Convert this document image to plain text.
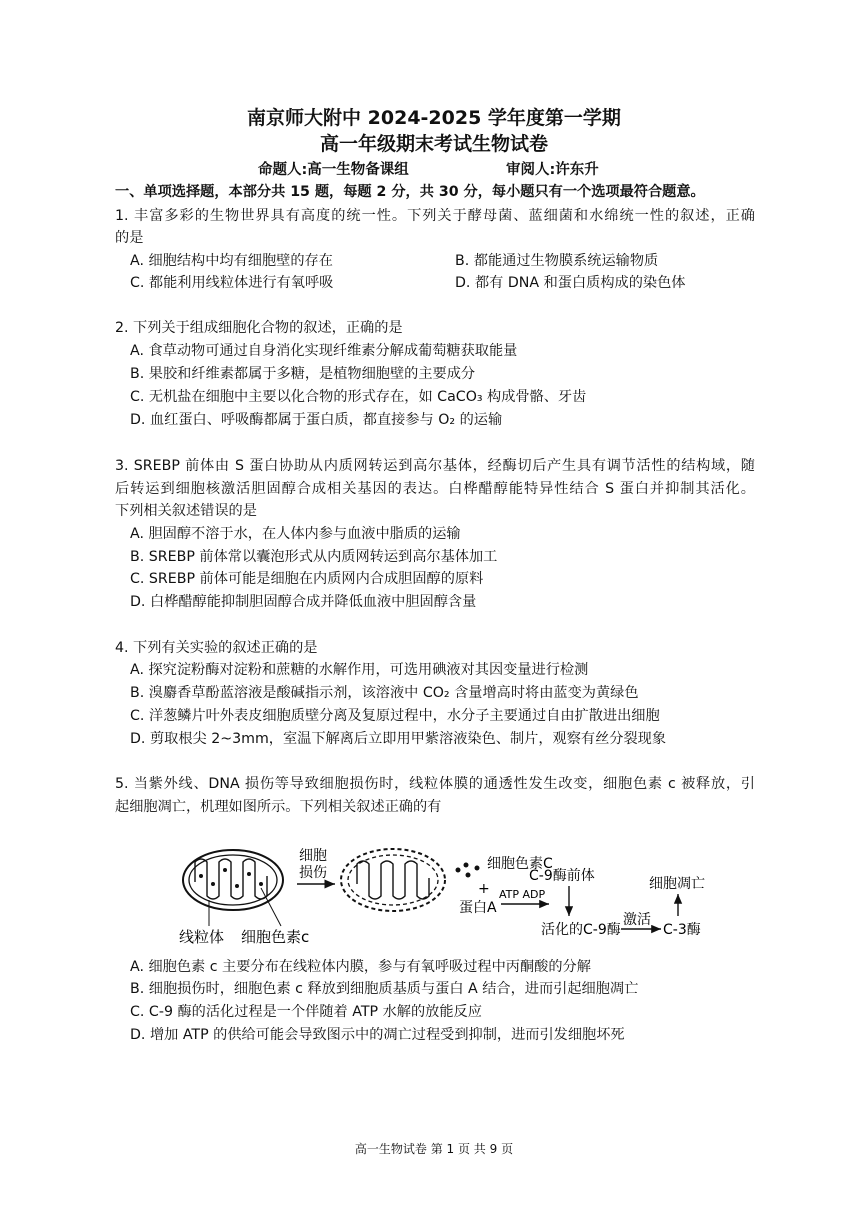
南京师大附中 2024-2025 学年度第一学期
高一年级期末考试生物试卷
命题人:高一生物备课组	审阅人:许东升
一、单项选择题，本部分共 15 题，每题 2 分，共 30 分，每小题只有一个选项最符合题意。
1. 丰富多彩的生物世界具有高度的统一性。下列关于酵母菌、蓝细菌和水绵统一性的叙述，正确
的是
A. 细胞结构中均有细胞壁的存在	B. 都能通过生物膜系统运输物质
C. 都能利用线粒体进行有氧呼吸	D. 都有 DNA 和蛋白质构成的染色体
2. 下列关于组成细胞化合物的叙述，正确的是
A. 食草动物可通过自身消化实现纤维素分解成葡萄糖获取能量
B. 果胶和纤维素都属于多糖，是植物细胞壁的主要成分
C. 无机盐在细胞中主要以化合物的形式存在，如 CaCO₃ 构成骨骼、牙齿
D. 血红蛋白、呼吸酶都属于蛋白质，都直接参与 O₂ 的运输
3. SREBP 前体由 S 蛋白协助从内质网转运到高尔基体，经酶切后产生具有调节活性的结构域，随
后转运到细胞核激活胆固醇合成相关基因的表达。白桦醋醇能特异性结合 S 蛋白并抑制其活化。
下列相关叙述错误的是
A. 胆固醇不溶于水，在人体内参与血液中脂质的运输
B. SREBP 前体常以囊泡形式从内质网转运到高尔基体加工
C. SREBP 前体可能是细胞在内质网内合成胆固醇的原料
D. 白桦醋醇能抑制胆固醇合成并降低血液中胆固醇含量
4. 下列有关实验的叙述正确的是
A. 探究淀粉酶对淀粉和蔗糖的水解作用，可选用碘液对其因变量进行检测
B. 溴麝香草酚蓝溶液是酸碱指示剂，该溶液中 CO₂ 含量增高时将由蓝变为黄绿色
C. 洋葱鳞片叶外表皮细胞质壁分离及复原过程中，水分子主要通过自由扩散进出细胞
D. 剪取根尖 2~3mm，室温下解离后立即用甲紫溶液染色、制片，观察有丝分裂现象
5. 当紫外线、DNA 损伤等导致细胞损伤时，线粒体膜的通透性发生改变，细胞色素 c 被释放，引
起细胞凋亡，机理如图所示。下列相关叙述正确的有
细胞
损伤
细胞色素C
+
蛋白A
ATP ADP
C-9酶前体
活化的C-9酶
激活
C-3酶
细胞凋亡
线粒体 细胞色素c
A. 细胞色素 c 主要分布在线粒体内膜，参与有氧呼吸过程中丙酮酸的分解
B. 细胞损伤时，细胞色素 c 释放到细胞质基质与蛋白 A 结合，进而引起细胞凋亡
C. C-9 酶的活化过程是一个伴随着 ATP 水解的放能反应
D. 增加 ATP 的供给可能会导致图示中的凋亡过程受到抑制，进而引发细胞坏死
高一生物试卷 第 1 页 共 9 页
